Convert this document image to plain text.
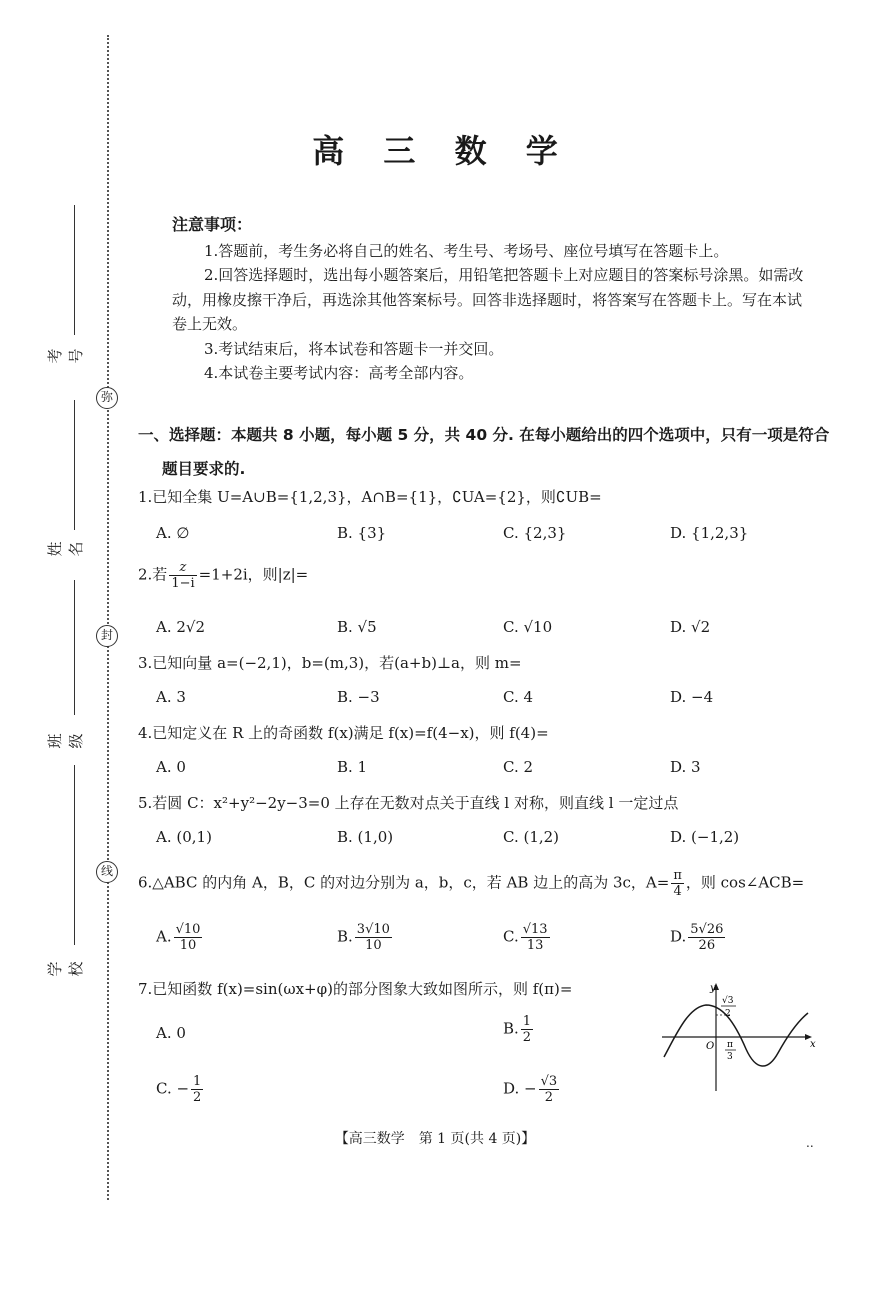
考号
姓名
班级
学校
弥
封
线
高 三 数 学
注意事项：

1.答题前，考生务必将自己的姓名、考生号、考场号、座位号填写在答题卡上。

2.回答选择题时，选出每小题答案后，用铅笔把答题卡上对应题目的答案标号涂黑。如需改动，用橡皮擦干净后，再选涂其他答案标号。回答非选择题时，将答案写在答题卡上。写在本试卷上无效。

3.考试结束后，将本试卷和答题卡一并交回。

4.本试卷主要考试内容：高考全部内容。

一、选择题：本题共 8 小题，每小题 5 分，共 40 分. 在每小题给出的四个选项中，只有一项是符合
题目要求的.
1.已知全集 U=A∪B={1,2,3}，A∩B={1}，∁UA={2}，则∁UB=
A. ∅	B. {3}	C. {2,3}	D. {1,2,3}
2.若 $\frac{z}{1-i} =1+2i$，则|z|=
A. 2√2	B. √5	C. √10	D. √2
3.已知向量 a=(−2,1)，b=(m,3)，若(a+b)⊥a，则 m=
A. 3	B. −3	C. 4	D. −4
4.已知定义在 R 上的奇函数 f(x)满足 f(x)=f(4−x)，则 f(4)=
A. 0	B. 1	C. 2	D. 3
5.若圆 C：x²+y²−2y−3=0 上存在无数对点关于直线 l 对称，则直线 l 一定过点
A. (0,1)	B. (1,0)	C. (1,2)	D. (−1,2)
6.△ABC 的内角 A，B，C 的对边分别为 a，b，c，若 AB 边上的高为 3c，$A= \frac{\pi}{4}$ ，则 cos∠ACB=
A. $\frac{√10}{10}$	B. $\frac{3√10}{10}$	C. $\frac{√13}{13}$	D. $\frac{5√26}{26}$
7.已知函数 f(x)=sin(ωx+φ)的部分图象大致如图所示，则 f(π)=
A. 0	B. $\frac{1}{2}$
C. − $\frac{1}{2}$	D. − $\frac{√3}{2}$
y
x
O
√3
2
π
3
【高三数学　第 1 页(共 4 页)】	..
